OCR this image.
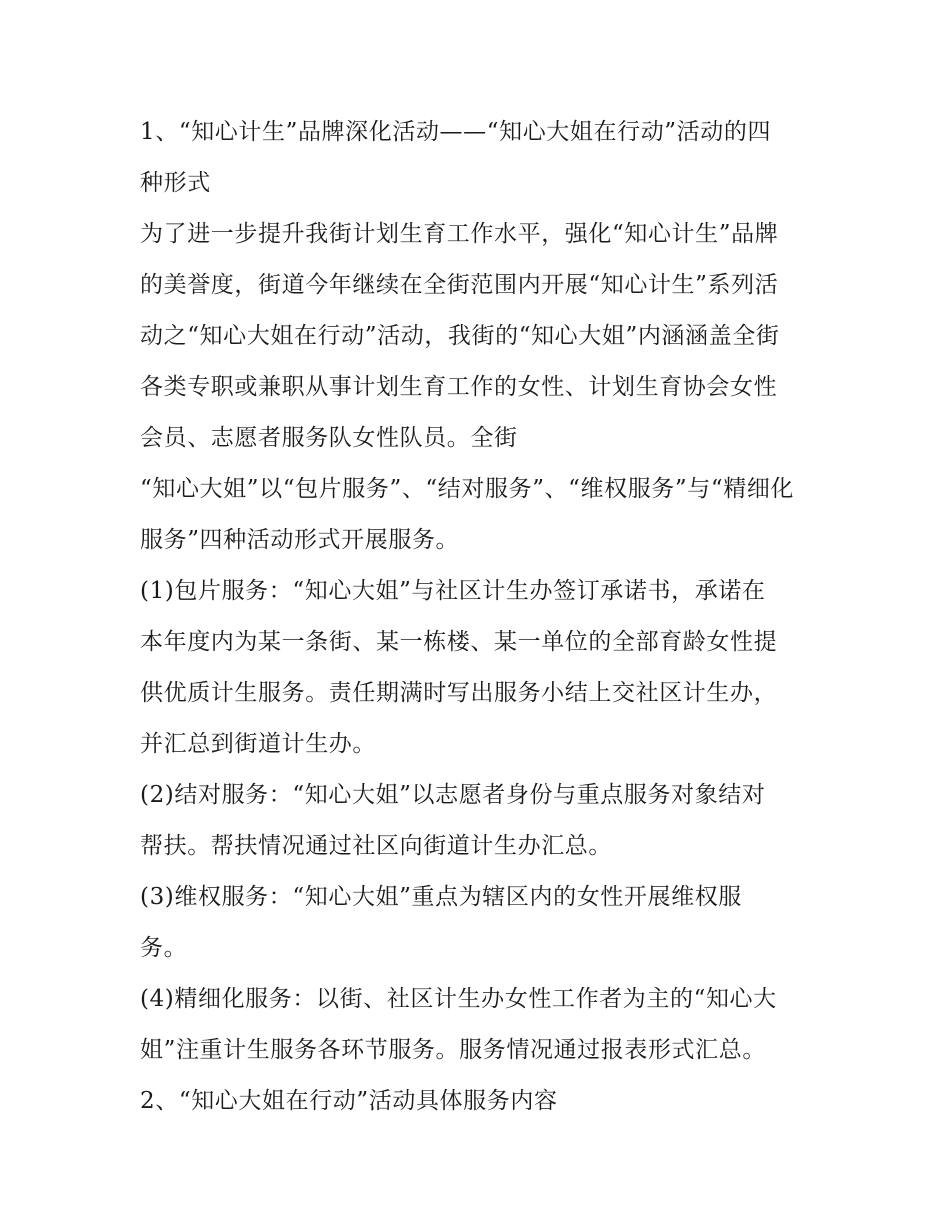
1、“知心计生”品牌深化活动——“知心大姐在行动”活动的四

种形式

为了进一步提升我街计划生育工作水平，强化“知心计生”品牌

的美誉度，街道今年继续在全街范围内开展“知心计生”系列活

动之“知心大姐在行动”活动，我街的“知心大姐”内涵涵盖全街

各类专职或兼职从事计划生育工作的女性、计划生育协会女性

会员、志愿者服务队女性队员。全街

“知心大姐”以“包片服务”、“结对服务”、“维权服务”与“精细化

服务”四种活动形式开展服务。

(1)包片服务：“知心大姐”与社区计生办签订承诺书，承诺在

本年度内为某一条街、某一栋楼、某一单位的全部育龄女性提

供优质计生服务。责任期满时写出服务小结上交社区计生办，

并汇总到街道计生办。

(2)结对服务：“知心大姐”以志愿者身份与重点服务对象结对

帮扶。帮扶情况通过社区向街道计生办汇总。

(3)维权服务：“知心大姐”重点为辖区内的女性开展维权服

务。

(4)精细化服务：以街、社区计生办女性工作者为主的“知心大

姐”注重计生服务各环节服务。服务情况通过报表形式汇总。

2、“知心大姐在行动”活动具体服务内容
